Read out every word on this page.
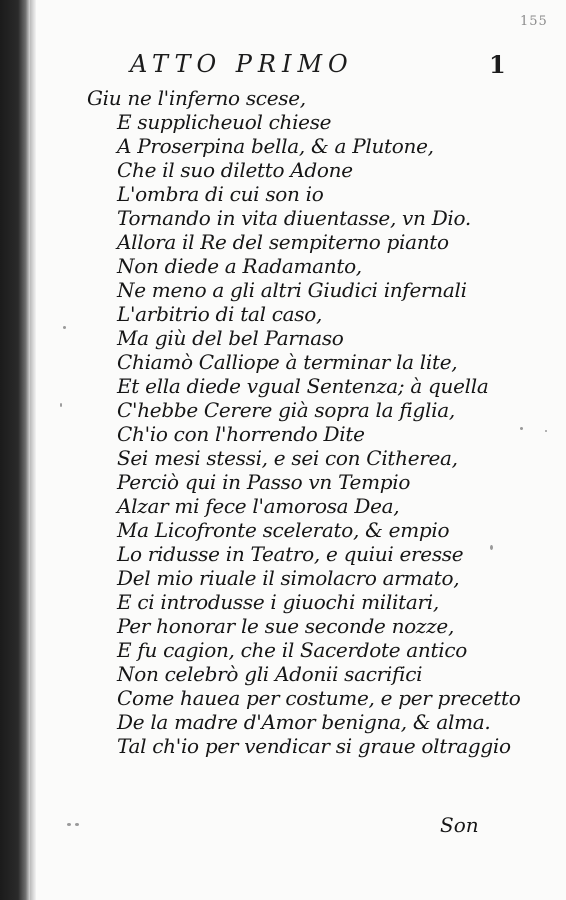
155
ATTO PRIMO	1
Giu ne l'inferno scese,
E supplicheuol chiese
A Proserpina bella, & a Plutone,
Che il suo diletto Adone
L'ombra di cui son io
Tornando in vita diuentasse, vn Dio.
Allora il Re del sempiterno pianto
Non diede a Radamanto,
Ne meno a gli altri Giudici infernali
L'arbitrio di tal caso,
Ma giù del bel Parnaso
Chiamò Calliope à terminar la lite,
Et ella diede vgual Sentenza; à quella
C'hebbe Cerere già sopra la figlia,
Ch'io con l'horrendo Dite
Sei mesi stessi, e sei con Citherea,
Perciò qui in Passo vn Tempio
Alzar mi fece l'amorosa Dea,
Ma Licofronte scelerato, & empio
Lo ridusse in Teatro, e quiui eresse
Del mio riuale il simolacro armato,
E ci introdusse i giuochi militari,
Per honorar le sue seconde nozze,
E fu cagion, che il Sacerdote antico
Non celebrò gli Adonii sacrifici
Come hauea per costume, e per precetto
De la madre d'Amor benigna, & alma.
Tal ch'io per vendicar si graue oltraggio
Son
